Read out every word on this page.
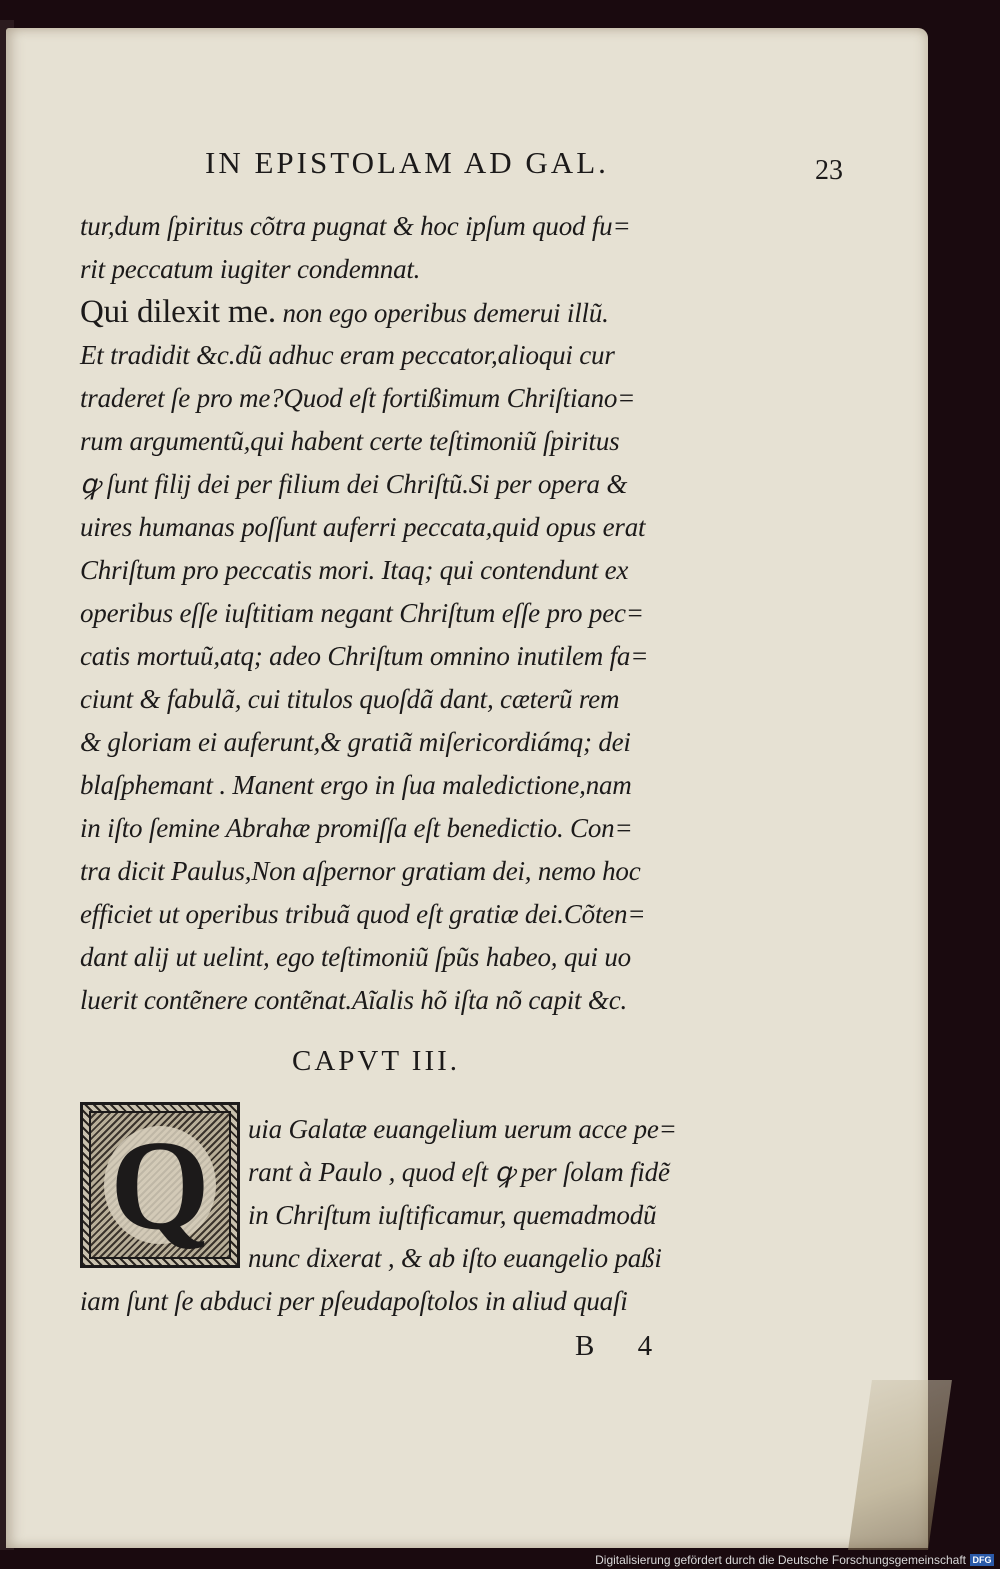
IN EPISTOLAM AD GAL.	23
tur,dum ſpiritus cõtra pugnat & hoc ipſum quod fu=
rit peccatum iugiter condemnat.
Qui dilexit me. non ego operibus demerui illũ.
Et tradidit &c.dũ adhuc eram peccator,alioqui cur
traderet ſe pro me?Quod eſt fortißimum Chriſtiano=
rum argumentũ,qui habent certe teſtimoniũ ſpiritus
ꝙ ſunt filij dei per filium dei Chriſtũ.Si per opera &
uires humanas poſſunt auferri peccata,quid opus erat
Chriſtum pro peccatis mori. Itaq; qui contendunt ex
operibus eſſe iuſtitiam negant Chriſtum eſſe pro pec=
catis mortuũ,atq; adeo Chriſtum omnino inutilem fa=
ciunt & fabulã, cui titulos quoſdã dant, cæterũ rem
& gloriam ei auferunt,& gratiã miſericordiámq; dei
blaſphemant . Manent ergo in ſua maledictione,nam
in iſto ſemine Abrahæ promiſſa eſt benedictio. Con=
tra dicit Paulus,Non aſpernor gratiam dei, nemo hoc
efficiet ut operibus tribuã quod eſt gratiæ dei.Cõten=
dant alij ut uelint, ego teſtimoniũ ſpũs habeo, qui uo
luerit contẽnere contẽnat.Aĩalis hõ iſta nõ capit &c.
CAPVT III.
Q uia Galatæ euangelium uerum acce pe=
rant à Paulo , quod eſt ꝙ per ſolam fidẽ
in Chriſtum iuſtificamur, quemadmodũ
nunc dixerat , & ab iſto euangelio paßi
iam ſunt ſe abduci per pſeudapoſtolos in aliud quaſi
B 4
Digitalisierung gefördert durch die Deutsche Forschungsgemeinschaft DFG
